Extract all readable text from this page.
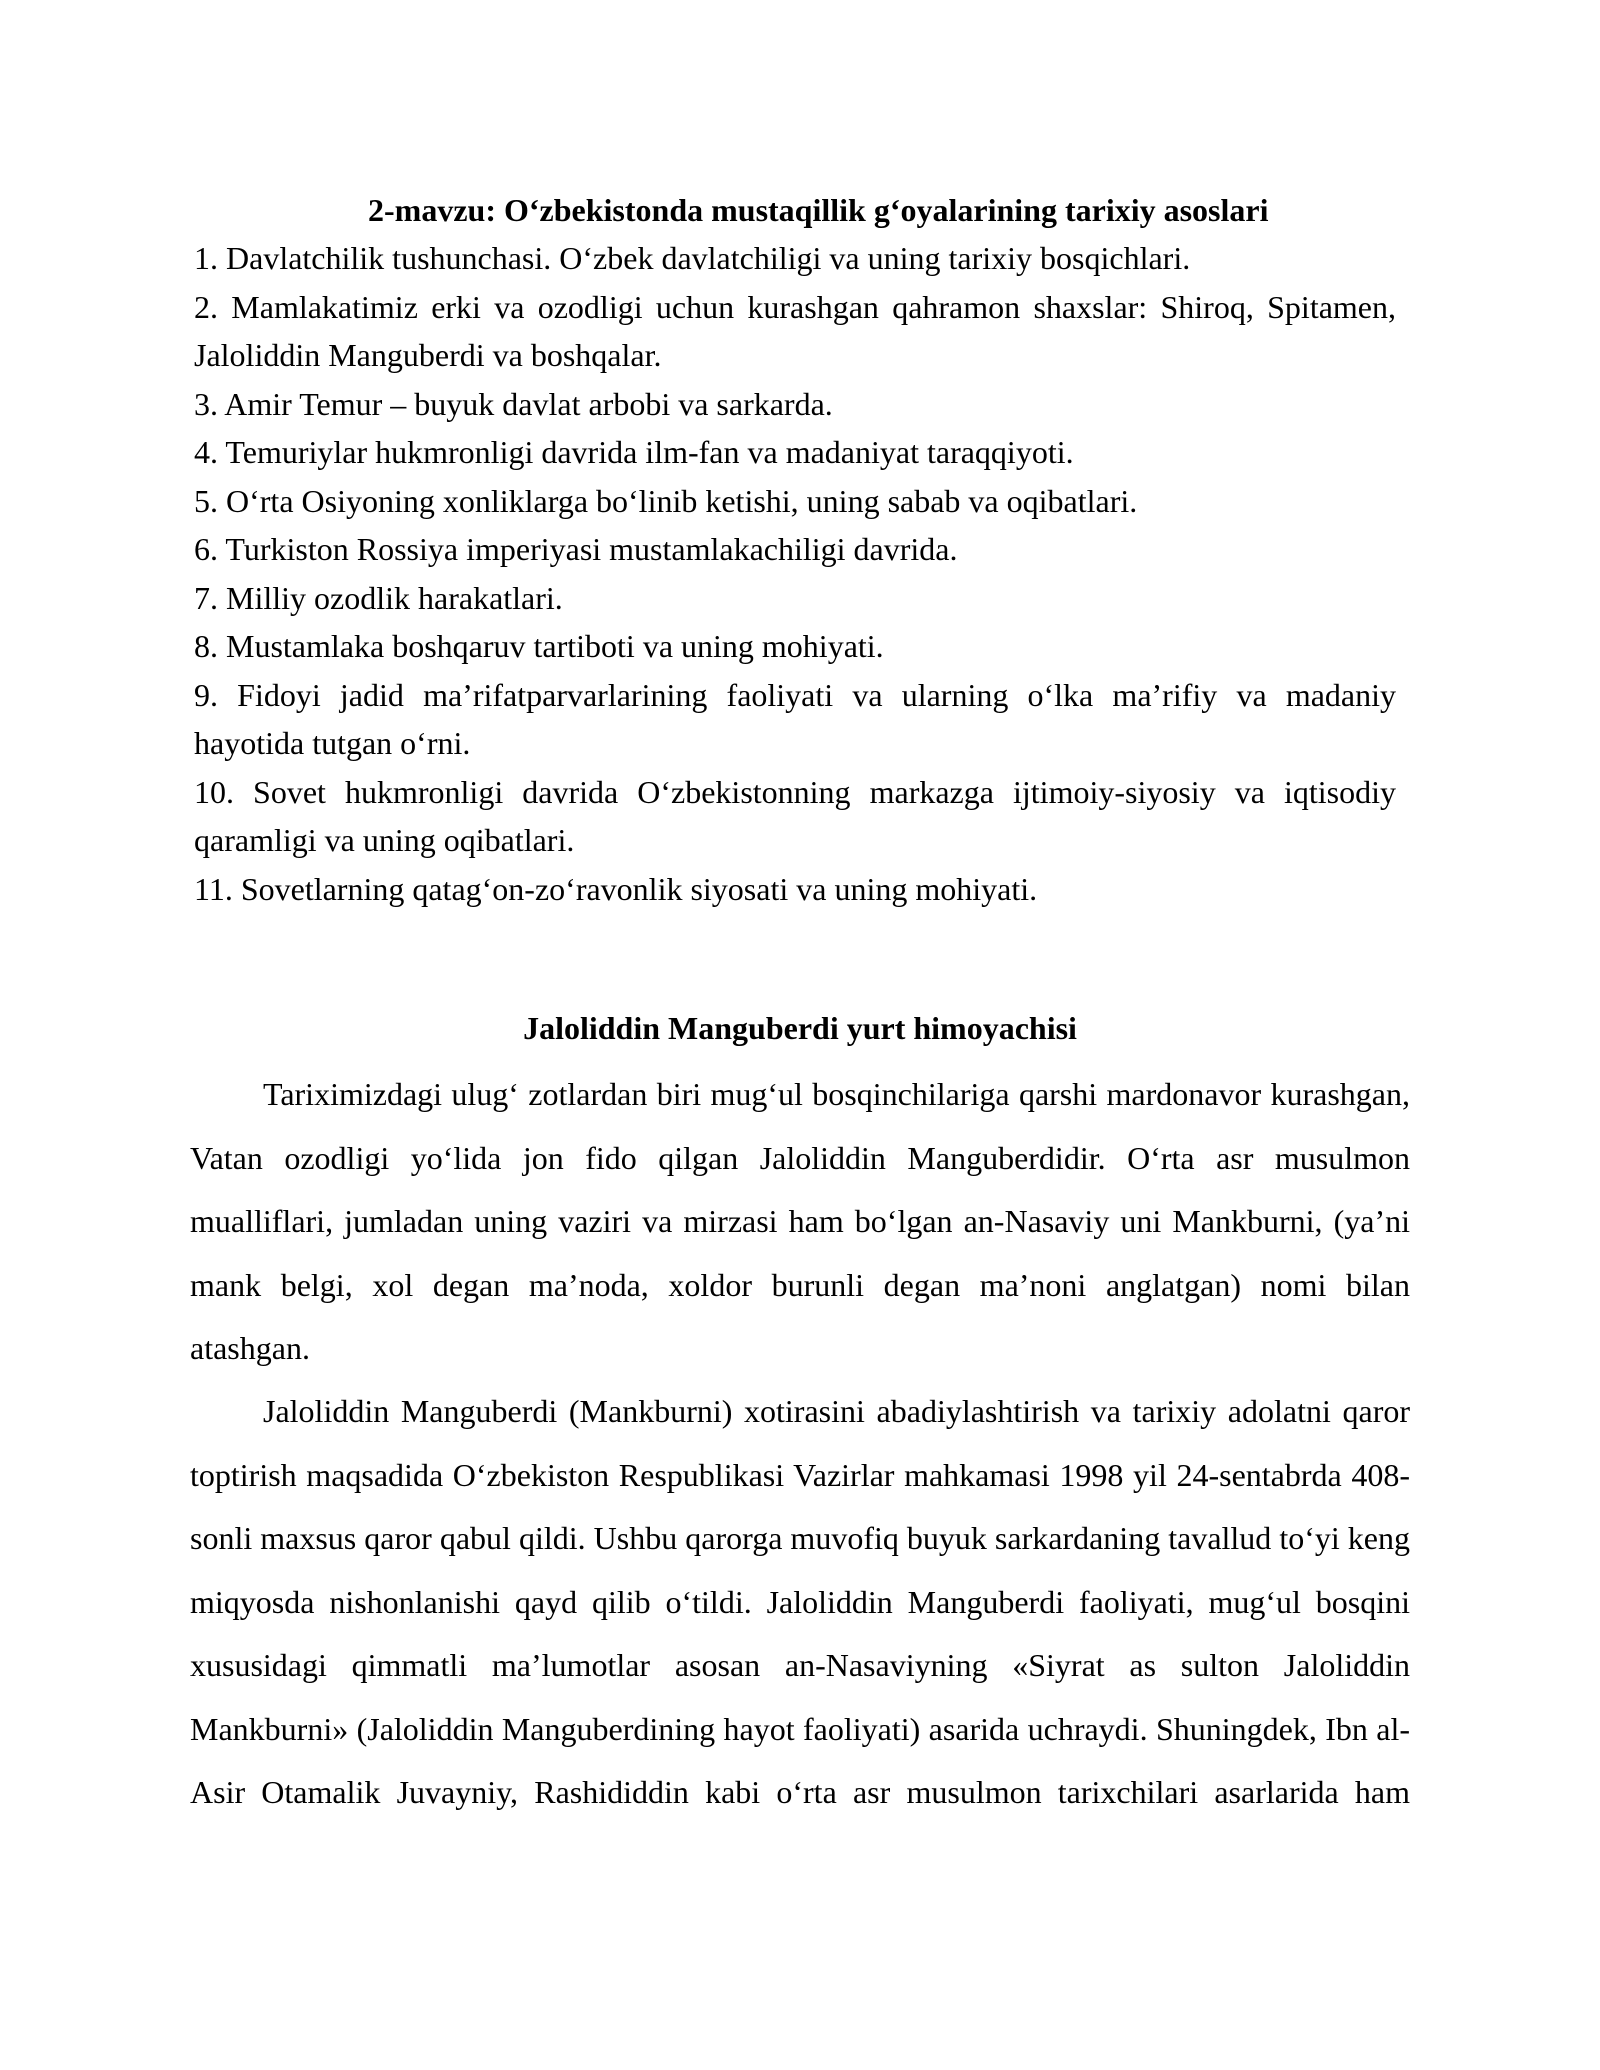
2-mavzu: O‘zbekistonda mustaqillik g‘oyalarining tarixiy asoslari
1. Davlatchilik tushunchasi. O‘zbek davlatchiligi va uning tarixiy bosqichlari.
2. Mamlakatimiz erki va ozodligi uchun kurashgan qahramon shaxslar: Shiroq, Spitamen, Jaloliddin Manguberdi va boshqalar.
3. Amir Temur – buyuk davlat arbobi va sarkarda.
4. Temuriylar hukmronligi davrida ilm-fan va madaniyat taraqqiyoti.
5. O‘rta Osiyoning xonliklarga bo‘linib ketishi, uning sabab va oqibatlari.
6. Turkiston Rossiya imperiyasi mustamlakachiligi davrida.
7. Milliy ozodlik harakatlari.
8. Mustamlaka boshqaruv tartiboti va uning mohiyati.
9. Fidoyi jadid ma’rifatparvarlarining faoliyati va ularning o‘lka ma’rifiy va madaniy hayotida tutgan o‘rni.
10. Sovet hukmronligi davrida O‘zbekistonning markazga ijtimoiy-siyosiy va iqtisodiy qaramligi va uning oqibatlari.
11. Sovetlarning qatag‘on-zo‘ravonlik siyosati va uning mohiyati.
Jaloliddin Manguberdi yurt himoyachisi

Tariximizdagi ulug‘ zotlardan biri mug‘ul bosqinchilariga qarshi mardonavor kurashgan, Vatan ozodligi yo‘lida jon fido qilgan Jaloliddin Manguberdidir. O‘rta asr musulmon mualliflari, jumladan uning vaziri va mirzasi ham bo‘lgan an-Nasaviy uni Mankburni, (ya’ni mank belgi, xol degan ma’noda, xoldor burunli degan ma’noni anglatgan) nomi bilan atashgan.

Jaloliddin Manguberdi (Mankburni) xotirasini abadiylashtirish va tarixiy adolatni qaror toptirish maqsadida O‘zbekiston Respublikasi Vazirlar mahkamasi 1998 yil 24-sentabrda 408-sonli maxsus qaror qabul qildi. Ushbu qarorga muvofiq buyuk sarkardaning tavallud to‘yi keng miqyosda nishonlanishi qayd qilib o‘tildi. Jaloliddin Manguberdi faoliyati, mug‘ul bosqini xususidagi qimmatli ma’lumotlar asosan an-Nasaviyning «Siyrat as sulton Jaloliddin Mankburni» (Jaloliddin Manguberdining hayot faoliyati) asarida uchraydi. Shuningdek, Ibn al-Asir Otamalik Juvayniy, Rashididdin kabi o‘rta asr musulmon tarixchilari asarlarida ham
